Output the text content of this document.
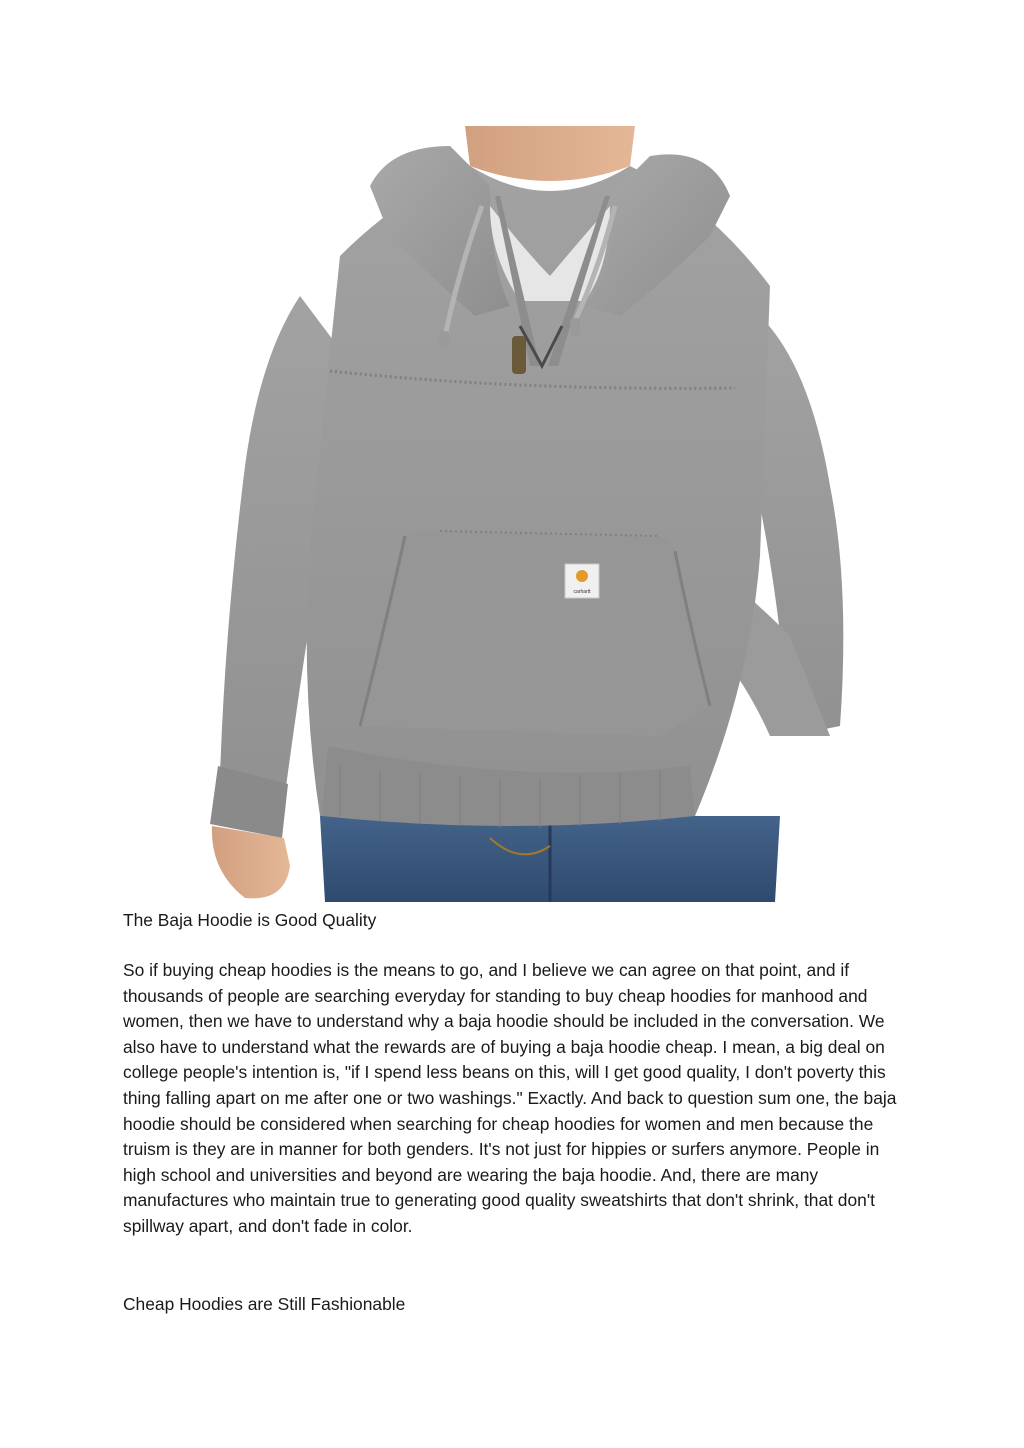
carhartt

The Baja Hoodie is Good Quality

So if buying cheap hoodies is the means to go, and I believe we can agree on that point, and if thousands of people are searching everyday for standing to buy cheap hoodies for manhood and women, then we have to understand why a baja hoodie should be included in the conversation. We also have to understand what the rewards are of buying a baja hoodie cheap. I mean, a big deal on college people's intention is, "if I spend less beans on this, will I get good quality, I don't poverty this thing falling apart on me after one or two washings." Exactly. And back to question sum one, the baja hoodie should be considered when searching for cheap hoodies for women and men because the truism is they are in manner for both genders. It's not just for hippies or surfers anymore. People in high school and universities and beyond are wearing the baja hoodie. And, there are many manufactures who maintain true to generating good quality sweatshirts that don't shrink, that don't spillway apart, and don't fade in color.

Cheap Hoodies are Still Fashionable
